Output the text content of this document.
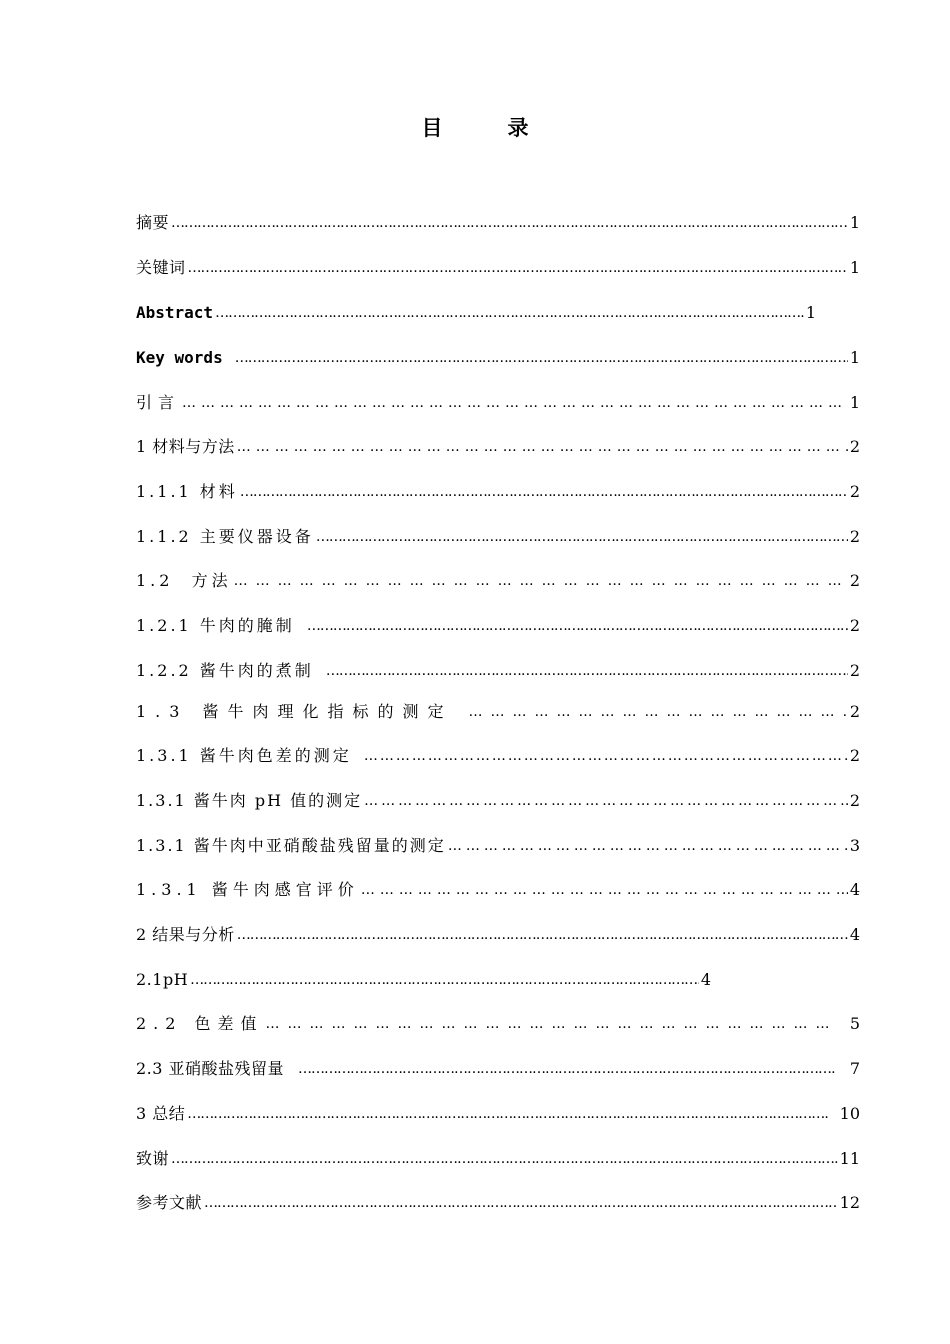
目　录
摘要 …………………………………………………………………………………………………………………………………………………………………………………………………………………	1
关键词 …………………………………………………………………………………………………………………………………………………………………………………………………………………	1
Abstract …………………………………………………………………………………………………………………………………………………………………………………………………………………	1
Key words …………………………………………………………………………………………………………………………………………………………………………………………………………………	1
引言 …………………………………………………………………………………………………………………………………………………………………………………………………………………	1
1 材料与方法 …………………………………………………………………………………………………………………………………………………………………………………………………………………	2
1.1.1 材料 …………………………………………………………………………………………………………………………………………………………………………………………………………………	2
1.1.2 主要仪器设备 …………………………………………………………………………………………………………………………………………………………………………………………………………………	2
1.2  方法 …………………………………………………………………………………………………………………………………………………………………………………………………………………	2
1.2.1 牛肉的腌制 …………………………………………………………………………………………………………………………………………………………………………………………………………………	2
1.2.2 酱牛肉的煮制 …………………………………………………………………………………………………………………………………………………………………………………………………………………	2
1.3 酱牛肉理化指标的测定 …………………………………………………………………………………………………………………………………………………………………………………………………………………	2
1.3.1 酱牛肉色差的测定 …………………………………………………………………………………………………………………………………………………………………………………………………………………	2
1.3.1 酱牛肉 pH 值的测定 …………………………………………………………………………………………………………………………………………………………………………………………………………………	2
1.3.1 酱牛肉中亚硝酸盐残留量的测定 …………………………………………………………………………………………………………………………………………………………………………………………………………………	3
1.3.1 酱牛肉感官评价 …………………………………………………………………………………………………………………………………………………………………………………………………………………	4
2 结果与分析 …………………………………………………………………………………………………………………………………………………………………………………………………………………	4
2.1pH …………………………………………………………………………………………………………………………………………………………………………………………………………………	4
2.2 色差值 …………………………………………………………………………………………………………………………………………………………………………………………………………………	5
2.3 亚硝酸盐残留量 …………………………………………………………………………………………………………………………………………………………………………………………………………………	7
3 总结 …………………………………………………………………………………………………………………………………………………………………………………………………………………	10
致谢 …………………………………………………………………………………………………………………………………………………………………………………………………………………	11
参考文献 …………………………………………………………………………………………………………………………………………………………………………………………………………………	12
